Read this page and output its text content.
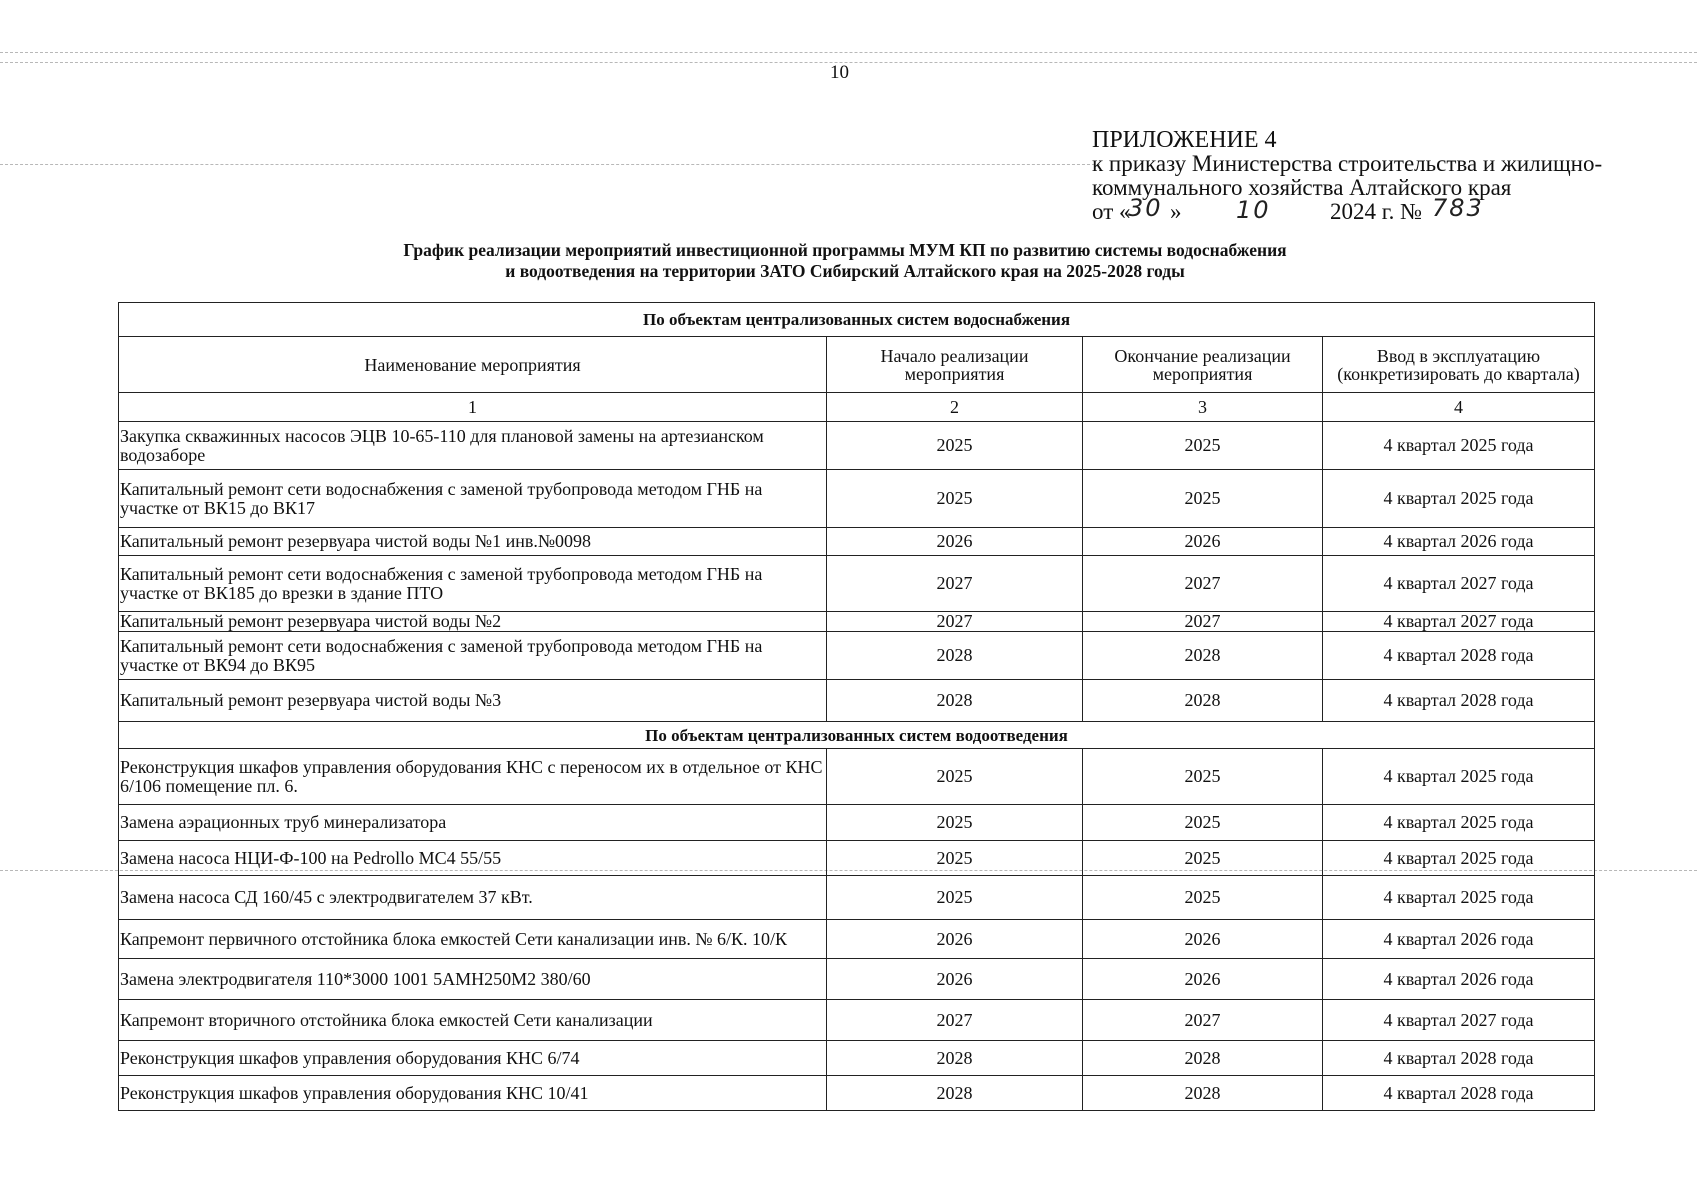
10
ПРИЛОЖЕНИЕ 4
к приказу Министерства строительства и жилищно-
коммунального хозяйства Алтайского края
от «
30 » 10	2024 г. № 783
График реализации мероприятий инвестиционной программы МУМ КП по развитию системы водоснабжения
и водоотведения на территории ЗАТО Сибирский Алтайского края на 2025-2028 годы
По объектам централизованных систем водоснабжения			
Наименование мероприятия	Начало реализации мероприятия	Окончание реализации мероприятия	Ввод в эксплуатацию (конкретизировать до квартала)
1	2	3	4
Закупка скважинных насосов ЭЦВ 10-65-110 для плановой замены на артезианском водозаборе	2025	2025	4 квартал 2025 года
Капитальный ремонт сети водоснабжения с заменой трубопровода методом ГНБ на участке от ВК15 до ВК17	2025	2025	4 квартал 2025 года
Капитальный ремонт резервуара чистой воды №1 инв.№0098	2026	2026	4 квартал 2026 года
Капитальный ремонт сети водоснабжения с заменой трубопровода методом ГНБ на участке от ВК185 до врезки в здание ПТО	2027	2027	4 квартал 2027 года
Капитальный ремонт резервуара чистой воды №2	2027	2027	4 квартал 2027 года
Капитальный ремонт сети водоснабжения с заменой трубопровода методом ГНБ на участке от ВК94 до ВК95	2028	2028	4 квартал 2028 года
Капитальный ремонт резервуара чистой воды №3	2028	2028	4 квартал 2028 года
По объектам централизованных систем водоотведения			
Реконструкция шкафов управления оборудования КНС с переносом их в отдельное от КНС 6/106 помещение пл. 6.	2025	2025	4 квартал 2025 года
Замена аэрационных труб минерализатора	2025	2025	4 квартал 2025 года
Замена насоса НЦИ-Ф-100 на Pedrollo MC4 55/55	2025	2025	4 квартал 2025 года
Замена насоса СД 160/45 с электродвигателем 37 кВт.	2025	2025	4 квартал 2025 года
Капремонт первичного отстойника блока емкостей Сети канализации инв. № 6/К. 10/К	2026	2026	4 квартал 2026 года
Замена электродвигателя 110*3000 1001 5АМН250М2 380/60	2026	2026	4 квартал 2026 года
Капремонт вторичного отстойника блока емкостей Сети канализации	2027	2027	4 квартал 2027 года
Реконструкция шкафов управления оборудования КНС 6/74	2028	2028	4 квартал 2028 года
Реконструкция шкафов управления оборудования КНС 10/41	2028	2028	4 квартал 2028 года
